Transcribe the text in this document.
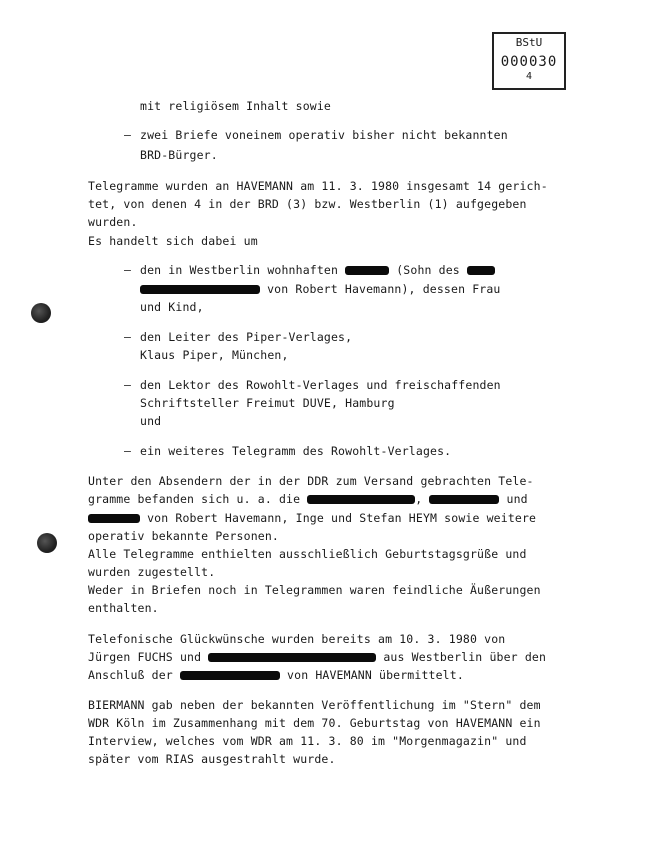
BStU
000030
4
mit religiösem Inhalt sowie
– zwei Briefe voneinem operativ bisher nicht bekannten
BRD-Bürger.
Telegramme wurden an HAVEMANN am 11. 3. 1980 insgesamt 14 gerich-
tet, von denen 4 in der BRD (3) bzw. Westberlin (1) aufgegeben
wurden.
Es handelt sich dabei um
– den in Westberlin wohnhaften	(Sohn des
von Robert Havemann), dessen Frau
und Kind,
– den Leiter des Piper-Verlages,
Klaus Piper, München,
– den Lektor des Rowohlt-Verlages und freischaffenden
Schriftsteller Freimut DUVE, Hamburg
und
– ein weiteres Telegramm des Rowohlt-Verlages.
Unter den Absendern der in der DDR zum Versand gebrachten Tele-
gramme befanden sich u. a. die	,	und
von Robert Havemann, Inge und Stefan HEYM sowie weitere
operativ bekannte Personen.
Alle Telegramme enthielten ausschließlich Geburtstagsgrüße und
wurden zugestellt.
Weder in Briefen noch in Telegrammen waren feindliche Äußerungen
enthalten.
Telefonische Glückwünsche wurden bereits am 10. 3. 1980 von
Jürgen FUCHS und	aus Westberlin über den
Anschluß der	von HAVEMANN übermittelt.
BIERMANN gab neben der bekannten Veröffentlichung im "Stern" dem
WDR Köln im Zusammenhang mit dem 70. Geburtstag von HAVEMANN ein
Interview, welches vom WDR am 11. 3. 80 im "Morgenmagazin" und
später vom RIAS ausgestrahlt wurde.
